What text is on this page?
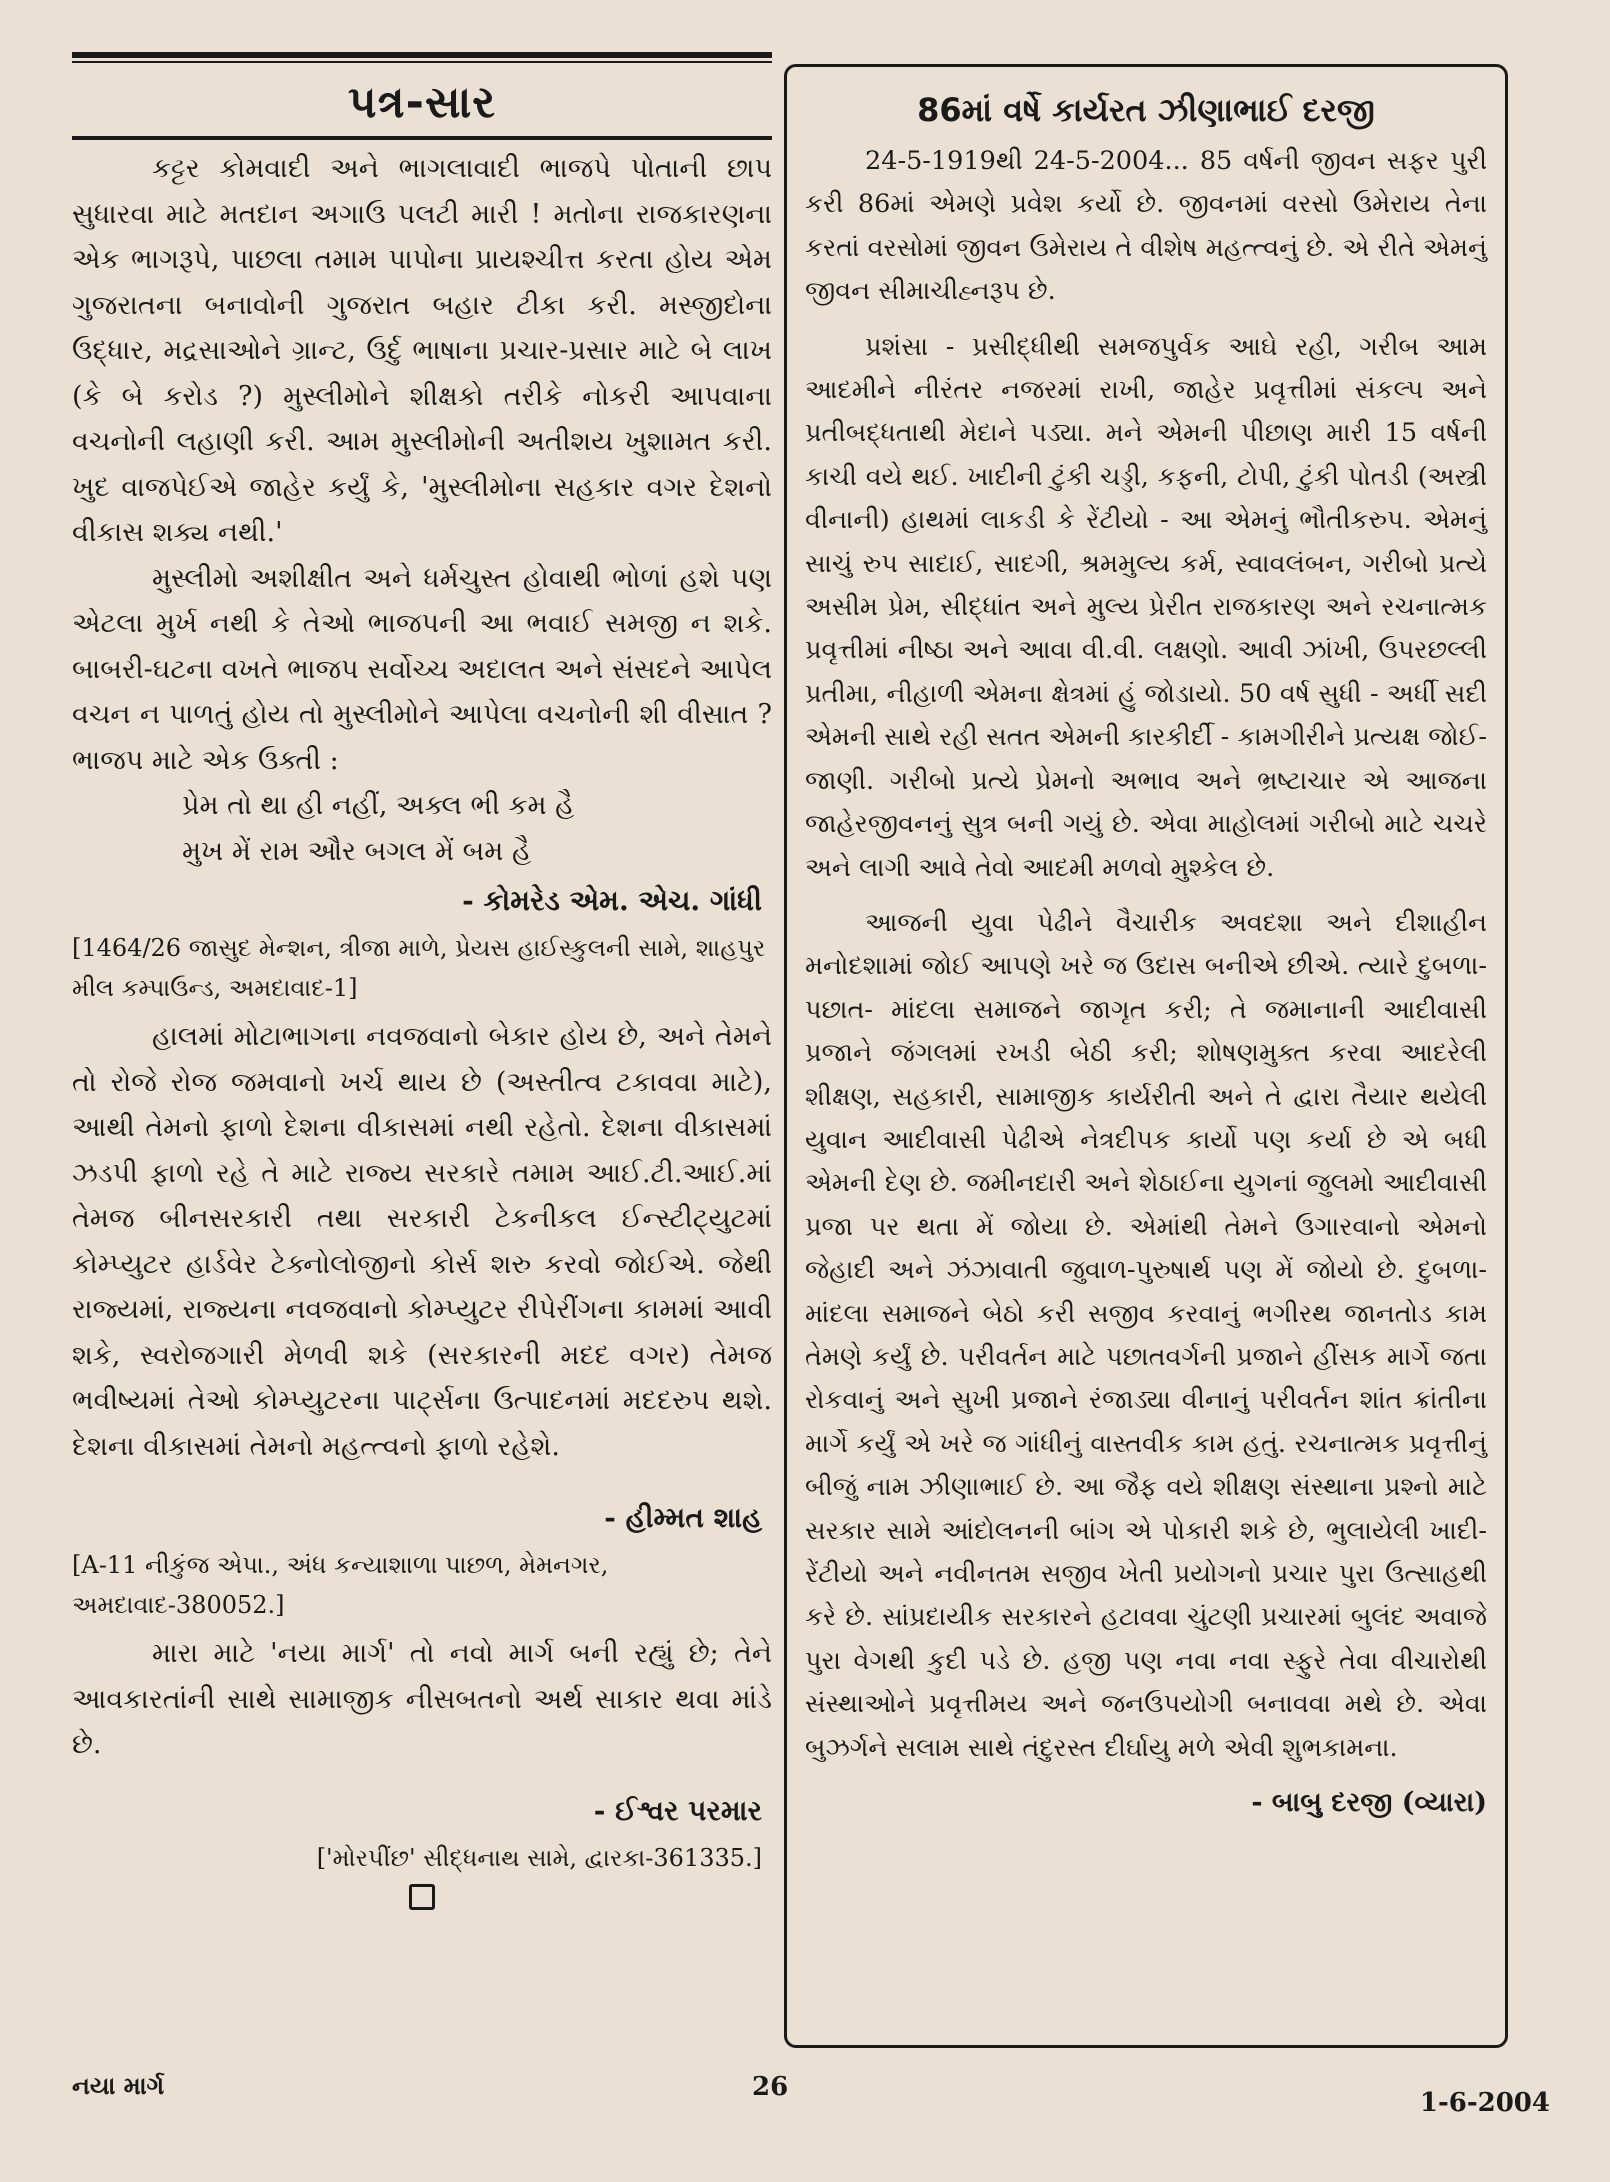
પત્ર-સાર

કટ્ટર કોમવાદી અને ભાગલાવાદી ભાજપે પોતાની છાપ સુધારવા માટે મતદાન અગાઉ પલટી મારી ! મતોના રાજકારણના એક ભાગરૂપે, પાછલા તમામ પાપોના પ્રાયશ્ચીત્ત કરતા હોય એમ ગુજરાતના બનાવોની ગુજરાત બહાર ટીકા કરી. મસ્જીદોના ઉદ્ધાર, મદ્રસાઓને ગ્રાન્ટ, ઉર્દુ ભાષાના પ્રચાર-પ્રસાર માટે બે લાખ (કે બે કરોડ ?) મુસ્લીમોને શીક્ષકો તરીકે નોકરી આપવાના વચનોની લહાણી કરી. આમ મુસ્લીમોની અતીશય ખુશામત કરી. ખુદ વાજપેઈએ જાહેર કર્યું કે, 'મુસ્લીમોના સહકાર વગર દેશનો વીકાસ શક્ય નથી.'

મુસ્લીમો અશીક્ષીત અને ધર્મચુસ્ત હોવાથી ભોળાં હશે પણ એટલા મુર્ખ નથી કે તેઓ ભાજપની આ ભવાઈ સમજી ન શકે. બાબરી-ઘટના વખતે ભાજપ સર્વોચ્ચ અદાલત અને સંસદને આપેલ વચન ન પાળતું હોય તો મુસ્લીમોને આપેલા વચનોની શી વીસાત ? ભાજપ માટે એક ઉક્તી :

પ્રેમ તો થા હી નહીં, અક્લ ભી કમ હૈ

મુખ મેં રામ ઔર બગલ મેં બમ હૈ

- કોમરેડ એમ. એચ. ગાંધી
[1464/26 જાસુદ મેન્શન, ત્રીજા માળે, પ્રેયસ હાઈસ્કુલની સામે, શાહપુર મીલ કમ્પાઉન્ડ, અમદાવાદ-1]

હાલમાં મોટાભાગના નવજવાનો બેકાર હોય છે, અને તેમને તો રોજે રોજ જમવાનો ખર્ચ થાય છે (અસ્તીત્વ ટકાવવા માટે), આથી તેમનો ફાળો દેશના વીકાસમાં નથી રહેતો. દેશના વીકાસમાં ઝડપી ફાળો રહે તે માટે રાજ્ય સરકારે તમામ આઈ.ટી.આઈ.માં તેમજ બીનસરકારી તથા સરકારી ટેકનીકલ ઈન્સ્ટીટ્યુટમાં કોમ્પ્યુટર હાર્ડવેર ટેક્નોલોજીનો કોર્સ શરુ કરવો જોઈએ. જેથી રાજ્યમાં, રાજ્યના નવજવાનો કોમ્પ્યુટર રીપેરીંગના કામમાં આવી શકે, સ્વરોજગારી મેળવી શકે (સરકારની મદદ વગર) તેમજ ભવીષ્યમાં તેઓ કોમ્પ્યુટરના પાર્ટ્સના ઉત્પાદનમાં મદદરુપ થશે. દેશના વીકાસમાં તેમનો મહત્ત્વનો ફાળો રહેશે.

- હીમ્મત શાહ
[A-11 નીકુંજ એપા., અંધ કન્યાશાળા પાછળ, મેમનગર, અમદાવાદ-380052.]

મારા માટે 'નયા માર્ગ' તો નવો માર્ગ બની રહ્યું છે; તેને આવકારતાંની સાથે સામાજીક નીસબતનો અર્થ સાકાર થવા માંડે છે.

- ઈશ્વર પરમાર
['મોરપીંછ' સીદ્ધનાથ સામે, દ્વારકા-361335.]
86માં વર્ષે કાર્યરત ઝીણાભાઈ દરજી

24-5-1919થી 24-5-2004... 85 વર્ષની જીવન સફર પુરી કરી 86માં એમણે પ્રવેશ કર્યો છે. જીવનમાં વરસો ઉમેરાય તેના કરતાં વરસોમાં જીવન ઉમેરાય તે વીશેષ મહત્ત્વનું છે. એ રીતે એમનું જીવન સીમાચીહ્નરૂપ છે.

પ્રશંસા - પ્રસીદ્ધીથી સમજપુર્વક આઘે રહી, ગરીબ આમ આદમીને નીરંતર નજરમાં રાખી, જાહેર પ્રવૃત્તીમાં સંકલ્પ અને પ્રતીબદ્ધતાથી મેદાને પડ્યા. મને એમની પીછાણ મારી 15 વર્ષની કાચી વયે થઈ. ખાદીની ટુંકી ચડ્ડી, કફની, ટોપી, ટુંકી પોતડી (અસ્ત્રી વીનાની) હાથમાં લાકડી કે રેંટીયો - આ એમનું ભૌતીકરુપ. એમનું સાચું રુપ સાદાઈ, સાદગી, શ્રમમુલ્ય કર્મ, સ્વાવલંબન, ગરીબો પ્રત્યે અસીમ પ્રેમ, સીદ્ધાંત અને મુલ્ય પ્રેરીત રાજકારણ અને રચનાત્મક પ્રવૃત્તીમાં નીષ્ઠા અને આવા વી.વી. લક્ષણો. આવી ઝાંખી, ઉપરછલ્લી પ્રતીમા, નીહાળી એમના ક્ષેત્રમાં હું જોડાયો. 50 વર્ષ સુધી - અર્ધી સદી એમની સાથે રહી સતત એમની કારકીર્દી - કામગીરીને પ્રત્યક્ષ જોઈ-જાણી. ગરીબો પ્રત્યે પ્રેમનો અભાવ અને ભ્રષ્ટાચાર એ આજના જાહેરજીવનનું સુત્ર બની ગયું છે. એવા માહોલમાં ગરીબો માટે ચચરે અને લાગી આવે તેવો આદમી મળવો મુશ્કેલ છે.

આજની યુવા પેઢીને વૈચારીક અવદશા અને દીશાહીન મનોદશામાં જોઈ આપણે ખરે જ ઉદાસ બનીએ છીએ. ત્યારે દુબળા-પછાત- માંદલા સમાજને જાગૃત કરી; તે જમાનાની આદીવાસી પ્રજાને જંગલમાં રખડી બેઠી કરી; શોષણમુક્ત કરવા આદરેલી શીક્ષણ, સહકારી, સામાજીક કાર્યરીતી અને તે દ્વારા તૈયાર થયેલી યુવાન આદીવાસી પેઢીએ નેત્રદીપક કાર્યો પણ કર્યા છે એ બધી એમની દેણ છે. જમીનદારી અને શેઠાઈના યુગનાં જુલમો આદીવાસી પ્રજા પર થતા મેં જોયા છે. એમાંથી તેમને ઉગારવાનો એમનો જેહાદી અને ઝંઝાવાતી જુવાળ-પુરુષાર્થ પણ મેં જોયો છે. દુબળા-માંદલા સમાજને બેઠો કરી સજીવ કરવાનું ભગીરથ જાનતોડ કામ તેમણે કર્યું છે. પરીવર્તન માટે પછાતવર્ગની પ્રજાને હીંસક માર્ગે જતા રોકવાનું અને સુખી પ્રજાને રંજાડ્યા વીનાનું પરીવર્તન શાંત ક્રાંતીના માર્ગે કર્યું એ ખરે જ ગાંધીનું વાસ્તવીક કામ હતું. રચનાત્મક પ્રવૃત્તીનું બીજું નામ ઝીણાભાઈ છે. આ જૈફ વયે શીક્ષણ સંસ્થાના પ્રશ્નો માટે સરકાર સામે આંદોલનની બાંગ એ પોકારી શકે છે, ભુલાયેલી ખાદી-રેંટીયો અને નવીનતમ સજીવ ખેતી પ્રયોગનો પ્રચાર પુરા ઉત્સાહથી કરે છે. સાંપ્રદાયીક સરકારને હટાવવા ચુંટણી પ્રચારમાં બુલંદ અવાજે પુરા વેગથી કુદી પડે છે. હજી પણ નવા નવા સ્ફુરે તેવા વીચારોથી સંસ્થાઓને પ્રવૃત્તીમય અને જનઉપયોગી બનાવવા મથે છે. એવા બુઝર્ગને સલામ સાથે તંદુરસ્ત દીર્ઘાયુ મળે એવી શુભકામના.

- બાબુ દરજી (વ્યારા)
નયા માર્ગ	26
1-6-2004
